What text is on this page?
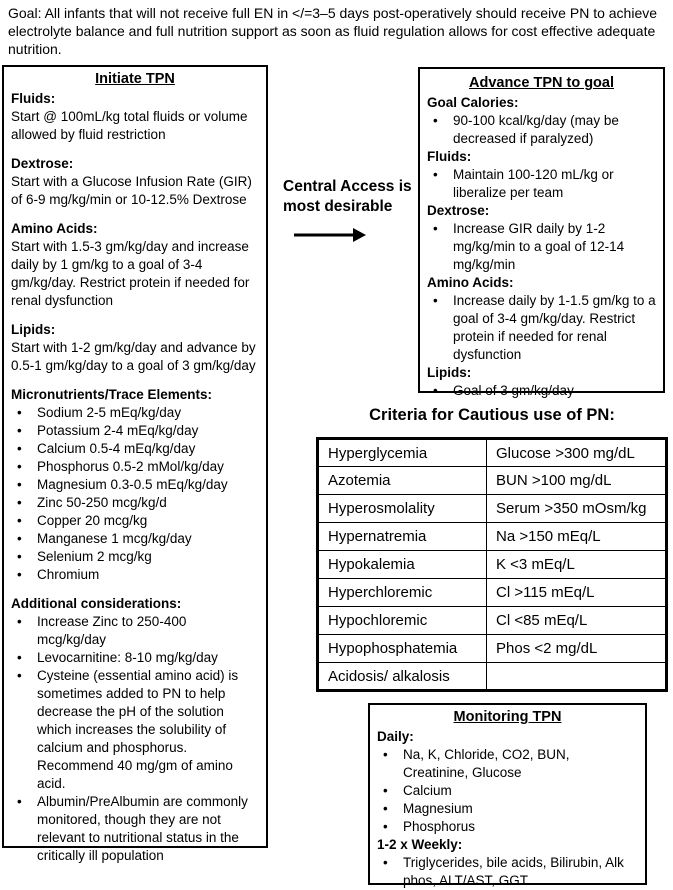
Goal: All infants that will not receive full EN in </=3–5 days post-operatively should receive PN to achieve electrolyte balance and full nutrition support as soon as fluid regulation allows for cost effective adequate nutrition.
Initiate TPN
Fluids:
Start @ 100mL/kg total fluids or volume allowed by fluid restriction
Dextrose:
Start with a Glucose Infusion Rate (GIR) of 6-9 mg/kg/min or 10-12.5% Dextrose
Amino Acids:
Start with 1.5-3 gm/kg/day and increase daily by 1 gm/kg to a goal of 3-4 gm/kg/day. Restrict protein if needed for renal dysfunction
Lipids:
Start with 1-2 gm/kg/day and advance by 0.5-1 gm/kg/day to a goal of 3 gm/kg/day
Micronutrients/Trace Elements:
• Sodium 2-5 mEq/kg/day
• Potassium 2-4 mEq/kg/day
• Calcium 0.5-4 mEq/kg/day
• Phosphorus 0.5-2 mMol/kg/day
• Magnesium 0.3-0.5 mEq/kg/day
• Zinc 50-250 mcg/kg/d
• Copper 20 mcg/kg
• Manganese 1 mcg/kg/day
• Selenium 2 mcg/kg
• Chromium
Additional considerations:
• Increase Zinc to 250-400 mcg/kg/day
• Levocarnitine: 8-10 mg/kg/day
• Cysteine (essential amino acid) is sometimes added to PN to help decrease the pH of the solution which increases the solubility of calcium and phosphorus. Recommend 40 mg/gm of amino acid.
• Albumin/PreAlbumin are commonly monitored, though they are not relevant to nutritional status in the critically ill population
Central Access is most desirable
Advance TPN to goal
Goal Calories:
• 90-100 kcal/kg/day (may be decreased if paralyzed)
Fluids:
• Maintain 100-120 mL/kg or liberalize per team
Dextrose:
• Increase GIR daily by 1-2 mg/kg/min to a goal of 12-14 mg/kg/min
Amino Acids:
• Increase daily by 1-1.5 gm/kg to a goal of 3-4 gm/kg/day. Restrict protein if needed for renal dysfunction
Lipids:
• Goal of 3 gm/kg/day
Criteria for Cautious use of PN:
Hyperglycemia	Glucose >300 mg/dL
Azotemia	BUN >100 mg/dL
Hyperosmolality	Serum >350 mOsm/kg
Hypernatremia	Na >150 mEq/L
Hypokalemia	K <3 mEq/L
Hyperchloremic	Cl >115 mEq/L
Hypochloremic	Cl <85 mEq/L
Hypophosphatemia	Phos <2 mg/dL
Acidosis/ alkalosis	
Monitoring TPN
Daily:
• Na, K, Chloride, CO2, BUN, Creatinine, Glucose
• Calcium
• Magnesium
• Phosphorus
1-2 x Weekly:
• Triglycerides, bile acids, Bilirubin, Alk phos, ALT/AST, GGT
